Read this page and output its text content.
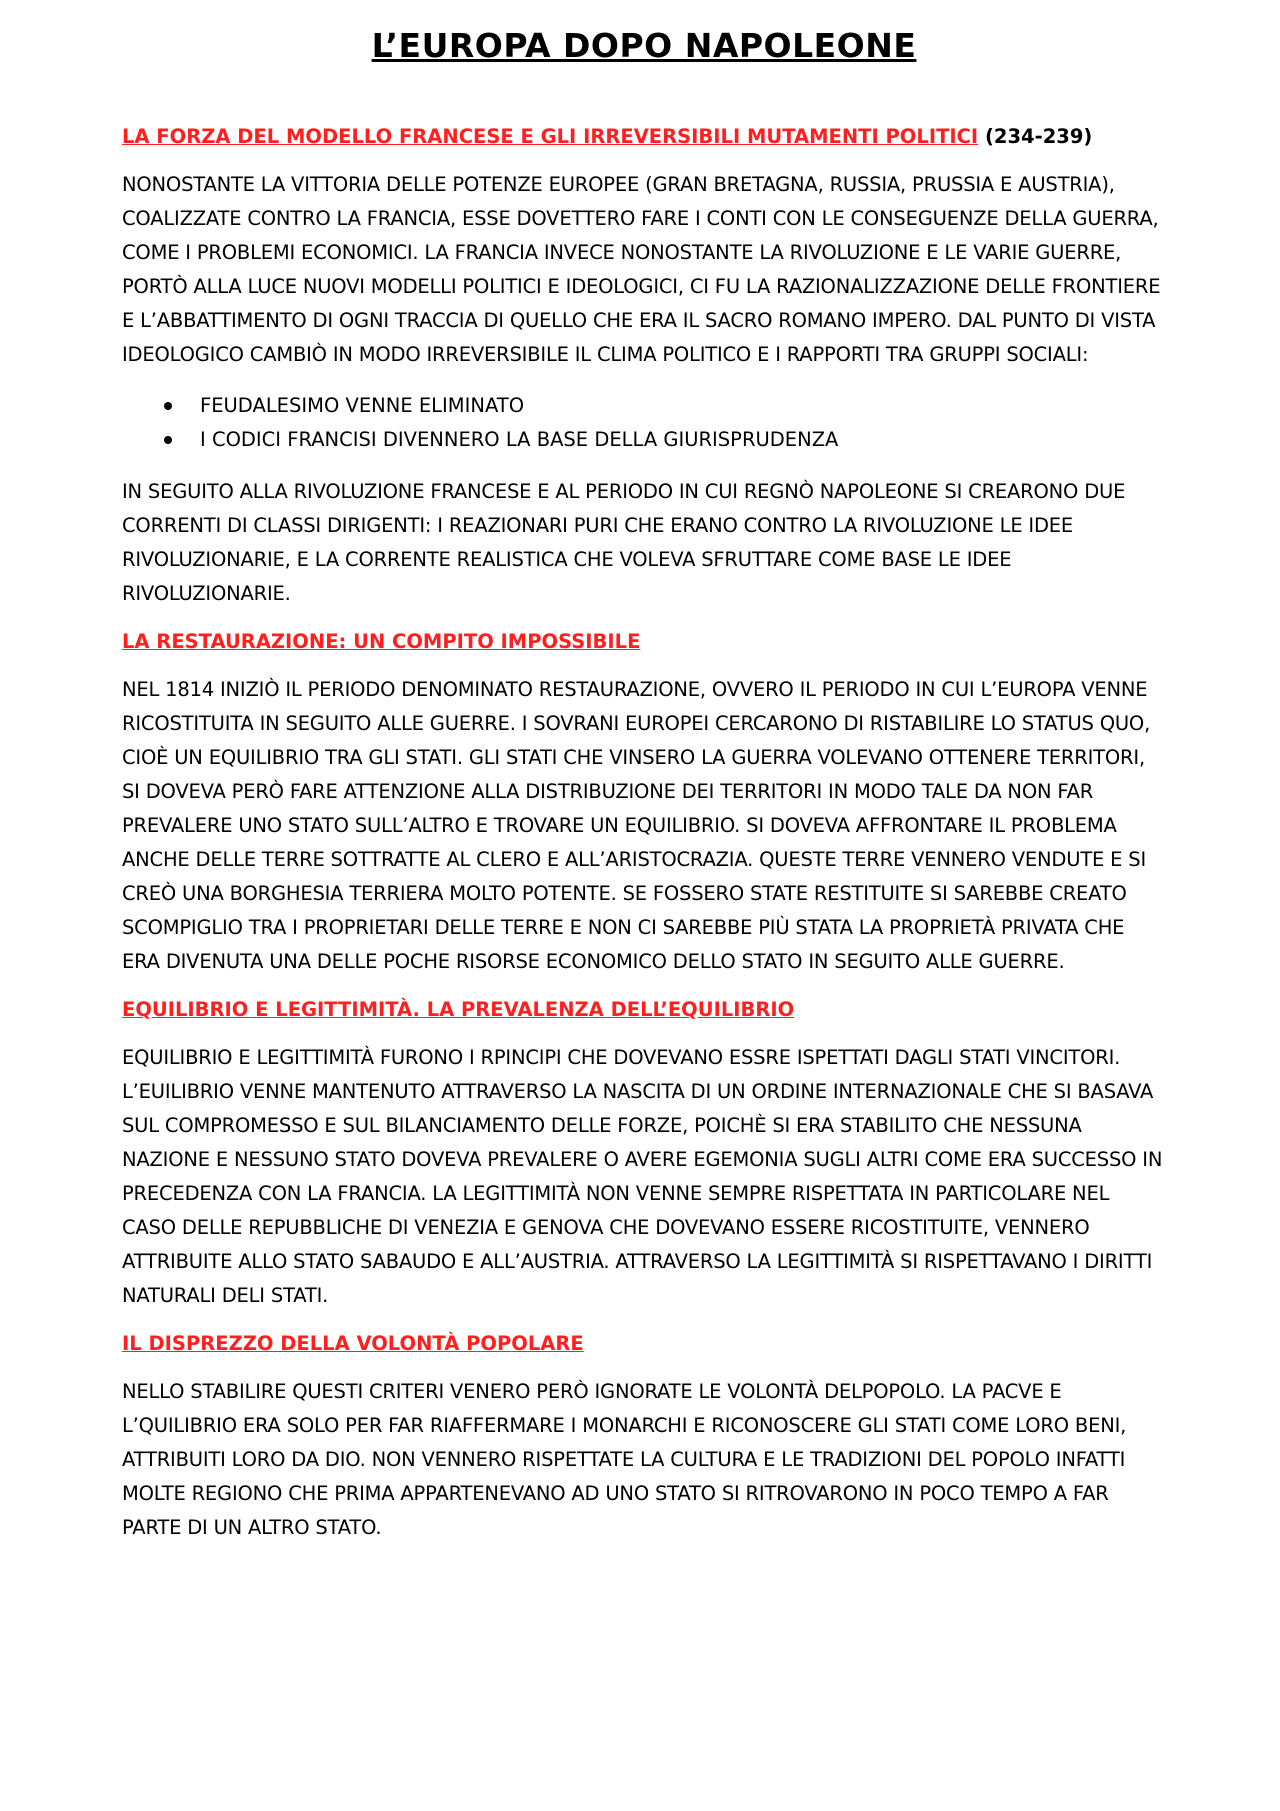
L’EUROPA DOPO NAPOLEONE
LA FORZA DEL MODELLO FRANCESE E GLI IRREVERSIBILI MUTAMENTI POLITICI (234-239)

NONOSTANTE LA VITTORIA DELLE POTENZE EUROPEE (GRAN BRETAGNA, RUSSIA, PRUSSIA E AUSTRIA), COALIZZATE CONTRO LA FRANCIA, ESSE DOVETTERO FARE I CONTI CON LE CONSEGUENZE DELLA GUERRA, COME I PROBLEMI ECONOMICI. LA FRANCIA INVECE NONOSTANTE LA RIVOLUZIONE E LE VARIE GUERRE, PORTÒ ALLA LUCE NUOVI MODELLI POLITICI E IDEOLOGICI, CI FU LA RAZIONALIZZAZIONE DELLE FRONTIERE E L’ABBATTIMENTO DI OGNI TRACCIA DI QUELLO CHE ERA IL SACRO ROMANO IMPERO. DAL PUNTO DI VISTA IDEOLOGICO CAMBIÒ IN MODO IRREVERSIBILE IL CLIMA POLITICO E I RAPPORTI TRA GRUPPI SOCIALI:

FEUDALESIMO VENNE ELIMINATO
I CODICI FRANCISI DIVENNERO LA BASE DELLA GIURISPRUDENZA

IN SEGUITO ALLA RIVOLUZIONE FRANCESE E AL PERIODO IN CUI REGNÒ NAPOLEONE SI CREARONO DUE CORRENTI DI CLASSI DIRIGENTI: I REAZIONARI PURI CHE ERANO CONTRO LA RIVOLUZIONE LE IDEE RIVOLUZIONARIE, E LA CORRENTE REALISTICA CHE VOLEVA SFRUTTARE COME BASE LE IDEE RIVOLUZIONARIE.

LA RESTAURAZIONE: UN COMPITO IMPOSSIBILE

NEL 1814 INIZIÒ IL PERIODO DENOMINATO RESTAURAZIONE, OVVERO IL PERIODO IN CUI L’EUROPA VENNE RICOSTITUITA IN SEGUITO ALLE GUERRE. I SOVRANI EUROPEI CERCARONO DI RISTABILIRE LO STATUS QUO, CIOÈ UN EQUILIBRIO TRA GLI STATI. GLI STATI CHE VINSERO LA GUERRA VOLEVANO OTTENERE TERRITORI, SI DOVEVA PERÒ FARE ATTENZIONE ALLA DISTRIBUZIONE DEI TERRITORI IN MODO TALE DA NON FAR PREVALERE UNO STATO SULL’ALTRO E TROVARE UN EQUILIBRIO. SI DOVEVA AFFRONTARE IL PROBLEMA ANCHE DELLE TERRE SOTTRATTE AL CLERO E ALL’ARISTOCRAZIA. QUESTE TERRE VENNERO VENDUTE E SI CREÒ UNA BORGHESIA TERRIERA MOLTO POTENTE. SE FOSSERO STATE RESTITUITE SI SAREBBE CREATO SCOMPIGLIO TRA I PROPRIETARI DELLE TERRE E NON CI SAREBBE PIÙ STATA LA PROPRIETÀ PRIVATA CHE ERA DIVENUTA UNA DELLE POCHE RISORSE ECONOMICO DELLO STATO IN SEGUITO ALLE GUERRE.

EQUILIBRIO E LEGITTIMITÀ. LA PREVALENZA DELL’EQUILIBRIO

EQUILIBRIO E LEGITTIMITÀ FURONO I RPINCIPI CHE DOVEVANO ESSRE ISPETTATI DAGLI STATI VINCITORI. L’EUILIBRIO VENNE MANTENUTO ATTRAVERSO LA NASCITA DI UN ORDINE INTERNAZIONALE CHE SI BASAVA SUL COMPROMESSO E SUL BILANCIAMENTO DELLE FORZE, POICHÈ SI ERA STABILITO CHE NESSUNA NAZIONE E NESSUNO STATO DOVEVA PREVALERE O AVERE EGEMONIA SUGLI ALTRI COME ERA SUCCESSO IN PRECEDENZA CON LA FRANCIA. LA LEGITTIMITÀ NON VENNE SEMPRE RISPETTATA IN PARTICOLARE NEL CASO DELLE REPUBBLICHE DI VENEZIA E GENOVA CHE DOVEVANO ESSERE RICOSTITUITE, VENNERO ATTRIBUITE ALLO STATO SABAUDO E ALL’AUSTRIA. ATTRAVERSO LA LEGITTIMITÀ SI RISPETTAVANO I DIRITTI NATURALI DELI STATI.

IL DISPREZZO DELLA VOLONTÀ POPOLARE

NELLO STABILIRE QUESTI CRITERI VENERO PERÒ IGNORATE LE VOLONTÀ DELPOPOLO. LA PACVE E L’QUILIBRIO ERA SOLO PER FAR RIAFFERMARE I MONARCHI E RICONOSCERE GLI STATI COME LORO BENI, ATTRIBUITI LORO DA DIO. NON VENNERO RISPETTATE LA CULTURA E LE TRADIZIONI DEL POPOLO INFATTI MOLTE REGIONO CHE PRIMA APPARTENEVANO AD UNO STATO SI RITROVARONO IN POCO TEMPO A FAR PARTE DI UN ALTRO STATO.
